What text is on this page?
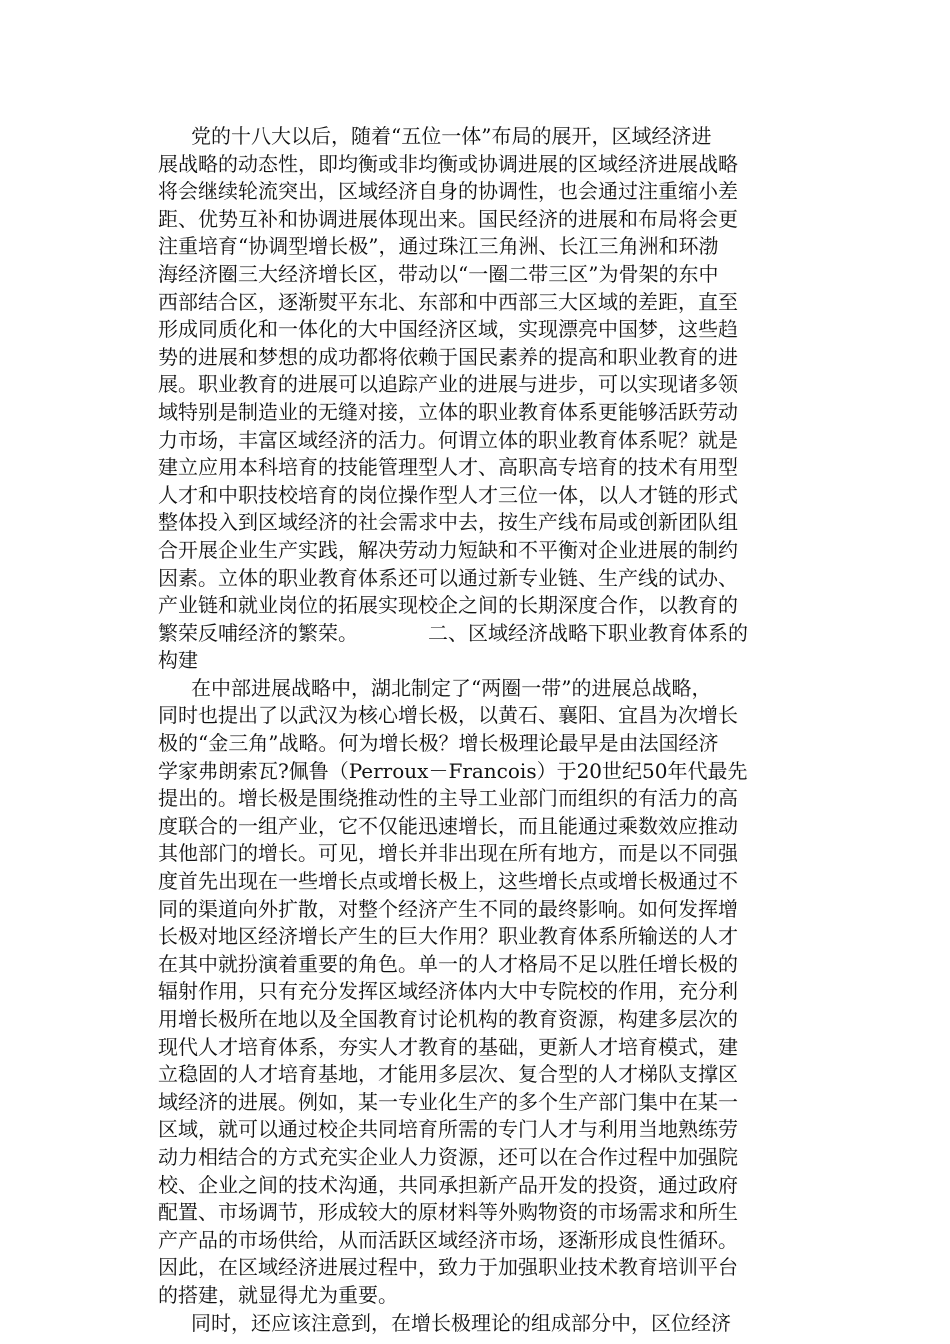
党的十八大以后，随着“五位一体”布局的展开，区域经济进
展战略的动态性，即均衡或非均衡或协调进展的区域经济进展战略
将会继续轮流突出，区域经济自身的协调性，也会通过注重缩小差
距、优势互补和协调进展体现出来。国民经济的进展和布局将会更
注重培育“协调型增长极”，通过珠江三角洲、长江三角洲和环渤
海经济圈三大经济增长区，带动以“一圈二带三区”为骨架的东中
西部结合区，逐渐熨平东北、东部和中西部三大区域的差距，直至
形成同质化和一体化的大中国经济区域，实现漂亮中国梦，这些趋
势的进展和梦想的成功都将依赖于国民素养的提高和职业教育的进
展。职业教育的进展可以追踪产业的进展与进步，可以实现诸多领
域特别是制造业的无缝对接，立体的职业教育体系更能够活跃劳动
力市场，丰富区域经济的活力。何谓立体的职业教育体系呢？就是
建立应用本科培育的技能管理型人才、高职高专培育的技术有用型
人才和中职技校培育的岗位操作型人才三位一体，以人才链的形式
整体投入到区域经济的社会需求中去，按生产线布局或创新团队组
合开展企业生产实践，解决劳动力短缺和不平衡对企业进展的制约
因素。立体的职业教育体系还可以通过新专业链、生产线的试办、
产业链和就业岗位的拓展实现校企之间的长期深度合作，以教育的
繁荣反哺经济的繁荣。	二、区域经济战略下职业教育体系的
构建
在中部进展战略中，湖北制定了“两圈一带”的进展总战略，
同时也提出了以武汉为核心增长极，以黄石、襄阳、宜昌为次增长
极的“金三角”战略。何为增长极？增长极理论最早是由法国经济
学家弗朗索瓦?佩鲁（Perroux－Francois）于20世纪50年代最先
提出的。增长极是围绕推动性的主导工业部门而组织的有活力的高
度联合的一组产业，它不仅能迅速增长，而且能通过乘数效应推动
其他部门的增长。可见，增长并非出现在所有地方，而是以不同强
度首先出现在一些增长点或增长极上，这些增长点或增长极通过不
同的渠道向外扩散，对整个经济产生不同的最终影响。如何发挥增
长极对地区经济增长产生的巨大作用？职业教育体系所输送的人才
在其中就扮演着重要的角色。单一的人才格局不足以胜任增长极的
辐射作用，只有充分发挥区域经济体内大中专院校的作用，充分利
用增长极所在地以及全国教育讨论机构的教育资源，构建多层次的
现代人才培育体系，夯实人才教育的基础，更新人才培育模式，建
立稳固的人才培育基地，才能用多层次、复合型的人才梯队支撑区
域经济的进展。例如，某一专业化生产的多个生产部门集中在某一
区域，就可以通过校企共同培育所需的专门人才与利用当地熟练劳
动力相结合的方式充实企业人力资源，还可以在合作过程中加强院
校、企业之间的技术沟通，共同承担新产品开发的投资，通过政府
配置、市场调节，形成较大的原材料等外购物资的市场需求和所生
产产品的市场供给，从而活跃区域经济市场，逐渐形成良性循环。
因此，在区域经济进展过程中，致力于加强职业技术教育培训平台
的搭建，就显得尤为重要。
同时，还应该注意到，在增长极理论的组成部分中，区位经济
